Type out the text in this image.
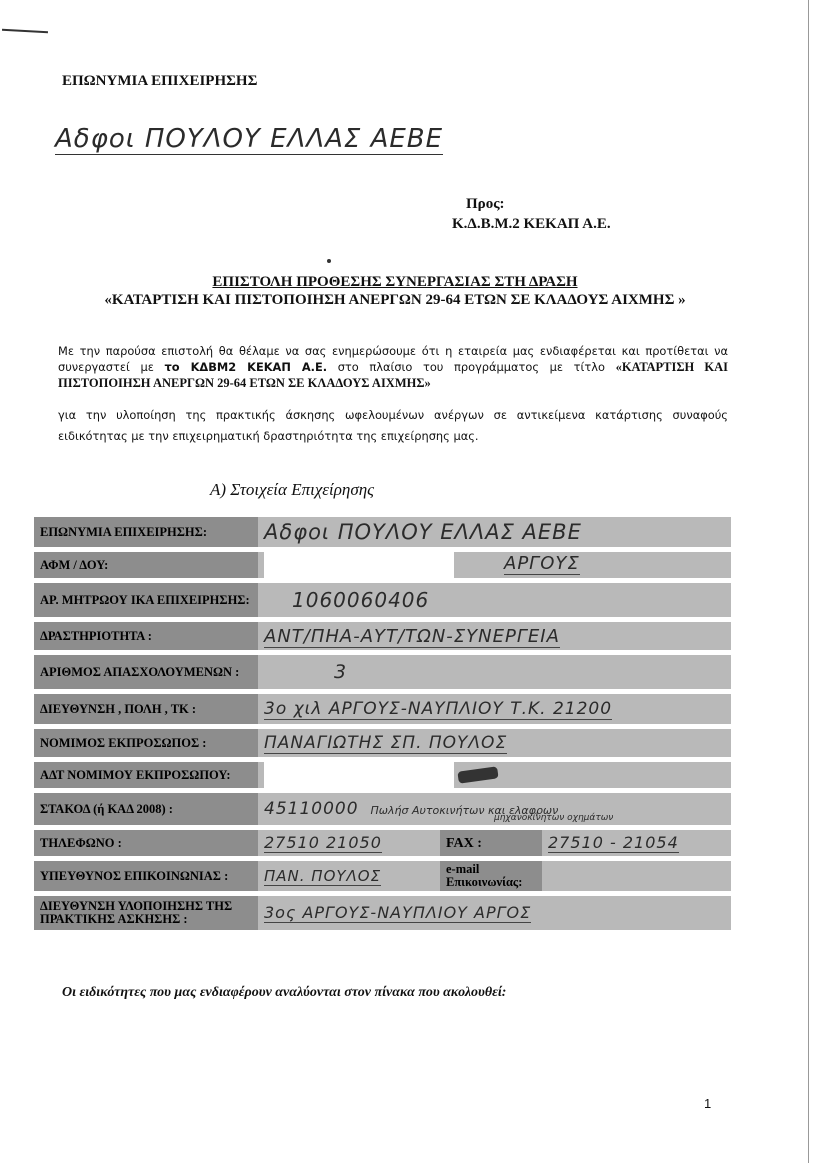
ΕΠΩΝΥΜΙΑ ΕΠΙΧΕΙΡΗΣΗΣ
Αδφοι ΠΟΥΛΟΥ ΕΛΛΑΣ ΑΕΒΕ
Προς:
Κ.Δ.Β.Μ.2 ΚΕΚΑΠ Α.Ε.
ΕΠΙΣΤΟΛΗ ΠΡΟΘΕΣΗΣ ΣΥΝΕΡΓΑΣΙΑΣ ΣΤΗ ΔΡΑΣΗ
«ΚΑΤΑΡΤΙΣΗ ΚΑΙ ΠΙΣΤΟΠΟΙΗΣΗ ΑΝΕΡΓΩΝ 29-64 ΕΤΩΝ ΣΕ ΚΛΑΔΟΥΣ ΑΙΧΜΗΣ »
Με την παρούσα επιστολή θα θέλαμε να σας ενημερώσουμε ότι η εταιρεία μας ενδιαφέρεται και προτίθεται να συνεργαστεί με το ΚΔΒΜ2 ΚΕΚΑΠ Α.Ε. στο πλαίσιο του προγράμματος με τίτλο «ΚΑΤΑΡΤΙΣΗ ΚΑΙ ΠΙΣΤΟΠΟΙΗΣΗ ΑΝΕΡΓΩΝ 29-64 ΕΤΩΝ ΣΕ ΚΛΑΔΟΥΣ ΑΙΧΜΗΣ»
για την υλοποίηση της πρακτικής άσκησης ωφελουμένων ανέργων σε αντικείμενα κατάρτισης συναφούς ειδικότητας με την επιχειρηματική δραστηριότητα της επιχείρησης μας.
Α) Στοιχεία Επιχείρησης
ΕΠΩΝΥΜΙΑ ΕΠΙΧΕΙΡΗΣΗΣ:	Αδφοι ΠΟΥΛΟΥ ΕΛΛΑΣ ΑΕΒΕ		
ΑΦΜ / ΔΟΥ:	ΑΡΓΟΥΣ		
ΑΡ. ΜΗΤΡΩΟΥ ΙΚΑ ΕΠΙΧΕΙΡΗΣΗΣ:	1060060406		
ΔΡΑΣΤΗΡΙΟΤΗΤΑ :	ΑΝΤ/ΠΗΑ-ΑΥΤ/ΤΩΝ-ΣΥΝΕΡΓΕΙΑ		
ΑΡΙΘΜΟΣ ΑΠΑΣΧΟΛΟΥΜΕΝΩΝ :	3		
ΔΙΕΥΘΥΝΣΗ , ΠΟΛΗ , ΤΚ :	3ο χιλ ΑΡΓΟΥΣ-ΝΑΥΠΛΙΟΥ Τ.Κ. 21200		
ΝΟΜΙΜΟΣ ΕΚΠΡΟΣΩΠΟΣ :	ΠΑΝΑΓΙΩΤΗΣ ΣΠ. ΠΟΥΛΟΣ		
ΑΔΤ ΝΟΜΙΜΟΥ ΕΚΠΡΟΣΩΠΟΥ:			
ΣΤΑΚΟΔ (ή ΚΑΔ 2008) :	45110000 Πωλήσ Αυτοκινήτων και ελαφρων
μηχανοκίνητων οχημάτων		

ΤΗΛΕΦΩΝΟ :	27510 21050	FAX :	27510 - 21054
ΥΠΕΥΘΥΝΟΣ ΕΠΙΚΟΙΝΩΝΙΑΣ :	ΠΑΝ. ΠΟΥΛΟΣ	e-mail
Επικοινωνίας:	

ΔΙΕΥΘΥΝΣΗ ΥΛΟΠΟΙΗΣΗΣ ΤΗΣ ΠΡΑΚΤΙΚΗΣ ΑΣΚΗΣΗΣ :	3ος ΑΡΓΟΥΣ-ΝΑΥΠΛΙΟΥ ΑΡΓΟΣ		
Οι ειδικότητες που μας ενδιαφέρουν αναλύονται στον πίνακα που ακολουθεί:
1
